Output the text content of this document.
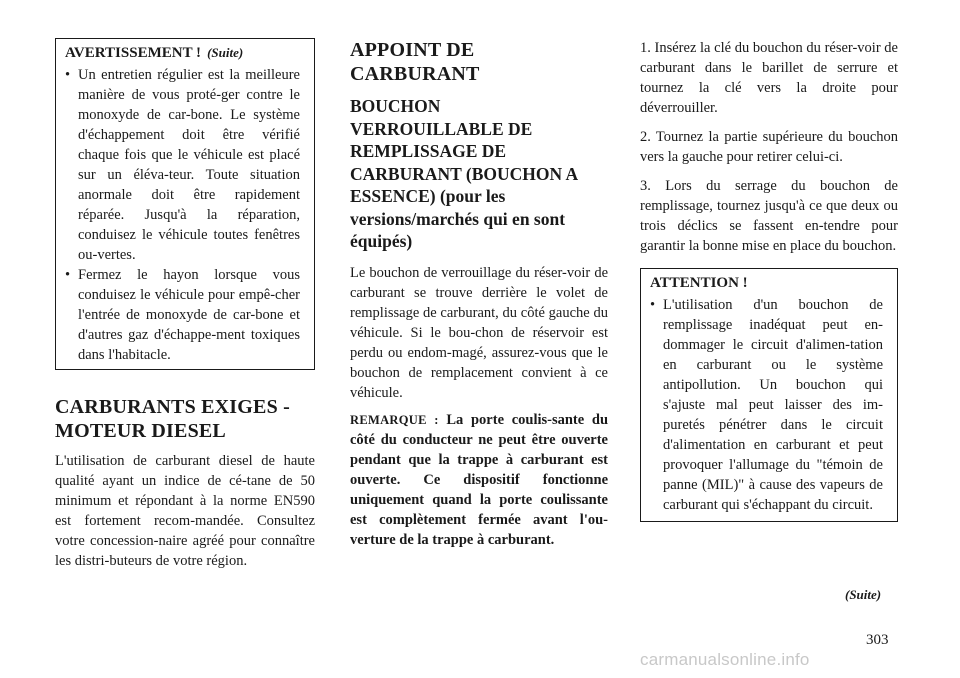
AVERTISSEMENT ! (Suite)
• Un entretien régulier est la meilleure manière de vous proté-ger contre le monoxyde de car-bone. Le système d'échappement doit être vérifié chaque fois que le véhicule est placé sur un éléva-teur. Toute situation anormale doit être rapidement réparée. Jusqu'à la réparation, conduisez le véhicule toutes fenêtres ou-vertes.
• Fermez le hayon lorsque vous conduisez le véhicule pour empê-cher l'entrée de monoxyde de car-bone et d'autres gaz d'échappe-ment toxiques dans l'habitacle.
CARBURANTS EXIGES - MOTEUR DIESEL

L'utilisation de carburant diesel de haute qualité ayant un indice de cé-tane de 50 minimum et répondant à la norme EN590 est fortement recom-mandée. Consultez votre concession-naire agréé pour connaître les distri-buteurs de votre région.

APPOINT DE CARBURANT
BOUCHON VERROUILLABLE DE REMPLISSAGE DE CARBURANT (BOUCHON A ESSENCE) (pour les versions/marchés qui en sont équipés)

Le bouchon de verrouillage du réser-voir de carburant se trouve derrière le volet de remplissage de carburant, du côté gauche du véhicule. Si le bou-chon de réservoir est perdu ou endom-magé, assurez-vous que le bouchon de remplacement convient à ce véhicule.

REMARQUE : La porte coulis-sante du côté du conducteur ne peut être ouverte pendant que la trappe à carburant est ouverte. Ce dispositif fonctionne uniquement quand la porte coulissante est complètement fermée avant l'ou-verture de la trappe à carburant.

1. Insérez la clé du bouchon du réser-voir de carburant dans le barillet de serrure et tournez la clé vers la droite pour déverrouiller.

2. Tournez la partie supérieure du bouchon vers la gauche pour retirer celui-ci.

3. Lors du serrage du bouchon de remplissage, tournez jusqu'à ce que deux ou trois déclics se fassent en-tendre pour garantir la bonne mise en place du bouchon.

ATTENTION !
• L'utilisation d'un bouchon de remplissage inadéquat peut en-dommager le circuit d'alimen-tation en carburant ou le système antipollution. Un bouchon qui s'ajuste mal peut laisser des im-puretés pénétrer dans le circuit d'alimentation en carburant et peut provoquer l'allumage du "témoin de panne (MIL)" à cause des vapeurs de carburant qui s'échappant du circuit.
(Suite)
303
carmanualsonline.info
